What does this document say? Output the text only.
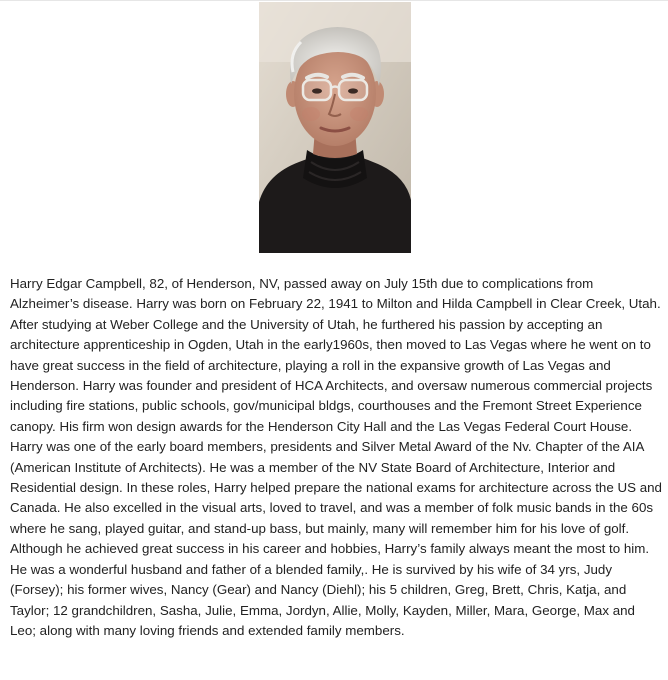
Harry Edgar Campbell, 82, of Henderson, NV, passed away on July 15th due to complications from Alzheimer’s disease. Harry was born on February 22, 1941 to Milton and Hilda Campbell in Clear Creek, Utah. After studying at Weber College and the University of Utah, he furthered his passion by accepting an architecture apprenticeship in Ogden, Utah in the early1960s, then moved to Las Vegas where he went on to have great success in the field of architecture, playing a roll in the expansive growth of Las Vegas and Henderson. Harry was founder and president of HCA Architects, and oversaw numerous commercial projects including fire stations, public schools, gov/municipal bldgs, courthouses and the Fremont Street Experience canopy. His firm won design awards for the Henderson City Hall and the Las Vegas Federal Court House. Harry was one of the early board members, presidents and Silver Metal Award of the Nv. Chapter of the AIA (American Institute of Architects). He was a member of the NV State Board of Architecture, Interior and Residential design. In these roles, Harry helped prepare the national exams for architecture across the US and Canada. He also excelled in the visual arts, loved to travel, and was a member of folk music bands in the 60s where he sang, played guitar, and stand-up bass, but mainly, many will remember him for his love of golf. Although he achieved great success in his career and hobbies, Harry’s family always meant the most to him. He was a wonderful husband and father of a blended family,. He is survived by his wife of 34 yrs, Judy (Forsey); his former wives, Nancy (Gear) and Nancy (Diehl); his 5 children, Greg, Brett, Chris, Katja, and Taylor; 12 grandchildren, Sasha, Julie, Emma, Jordyn, Allie, Molly, Kayden, Miller, Mara, George, Max and Leo; along with many loving friends and extended family members.
